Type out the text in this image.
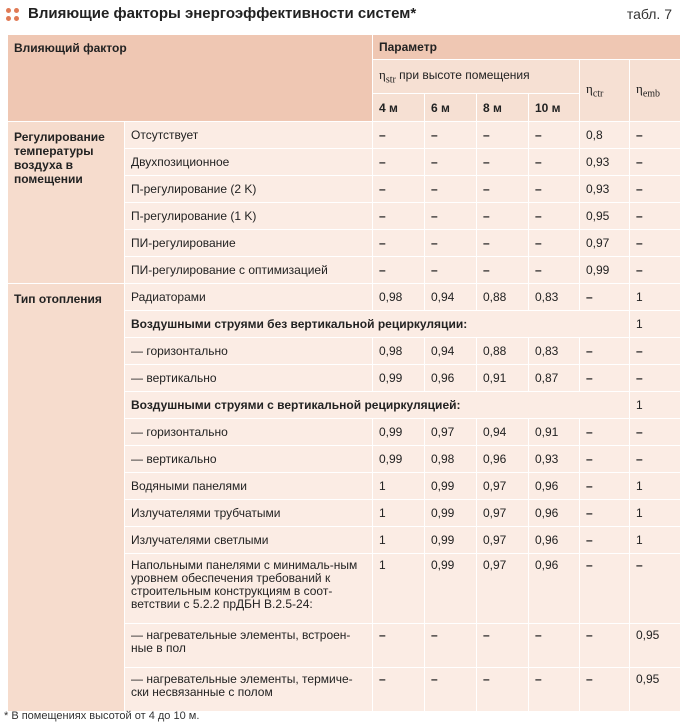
Влияющие факторы энергоэффективности систем*	табл. 7
Влияющий фактор		Параметр					
		$\eta_{str}$ при высоте помещения				$\eta_{ctr}$	$\eta_{emb}$
		4 м	6 м	8 м	10 м		
Регулирование температуры воздуха в помещении	Отсутствует	–	–	–	–	0,8	–
	Двухпозиционное	–	–	–	–	0,93	–
	П-регулирование (2 K)	–	–	–	–	0,93	–
	П-регулирование (1 K)	–	–	–	–	0,95	–
	ПИ-регулирование	–	–	–	–	0,97	–
	ПИ-регулирование с оптимизацией	–	–	–	–	0,99	–
Тип отопления	Радиаторами	0,98	0,94	0,88	0,83	–	1
	Воздушными струями без вертикальной рециркуляции:						1
	— горизонтально	0,98	0,94	0,88	0,83	–	–
	— вертикально	0,99	0,96	0,91	0,87	–	–
	Воздушными струями с вертикальной рециркуляцией:						1
	— горизонтально	0,99	0,97	0,94	0,91	–	–
	— вертикально	0,99	0,98	0,96	0,93	–	–
	Водяными панелями	1	0,99	0,97	0,96	–	1
	Излучателями трубчатыми	1	0,99	0,97	0,96	–	1
	Излучателями светлыми	1	0,99	0,97	0,96	–	1
	Напольными панелями с минималь-ным уровнем обеспечения требований к строительным конструкциям в соот-ветствии с 5.2.2 прДБН В.2.5-24:	1	0,99	0,97	0,96	–	–
	— нагревательные элементы, встроен-ные в пол	–	–	–	–	–	0,95
	— нагревательные элементы, термиче-ски несвязанные с полом	–	–	–	–	–	0,95
* В помещениях высотой от 4 до 10 м.
